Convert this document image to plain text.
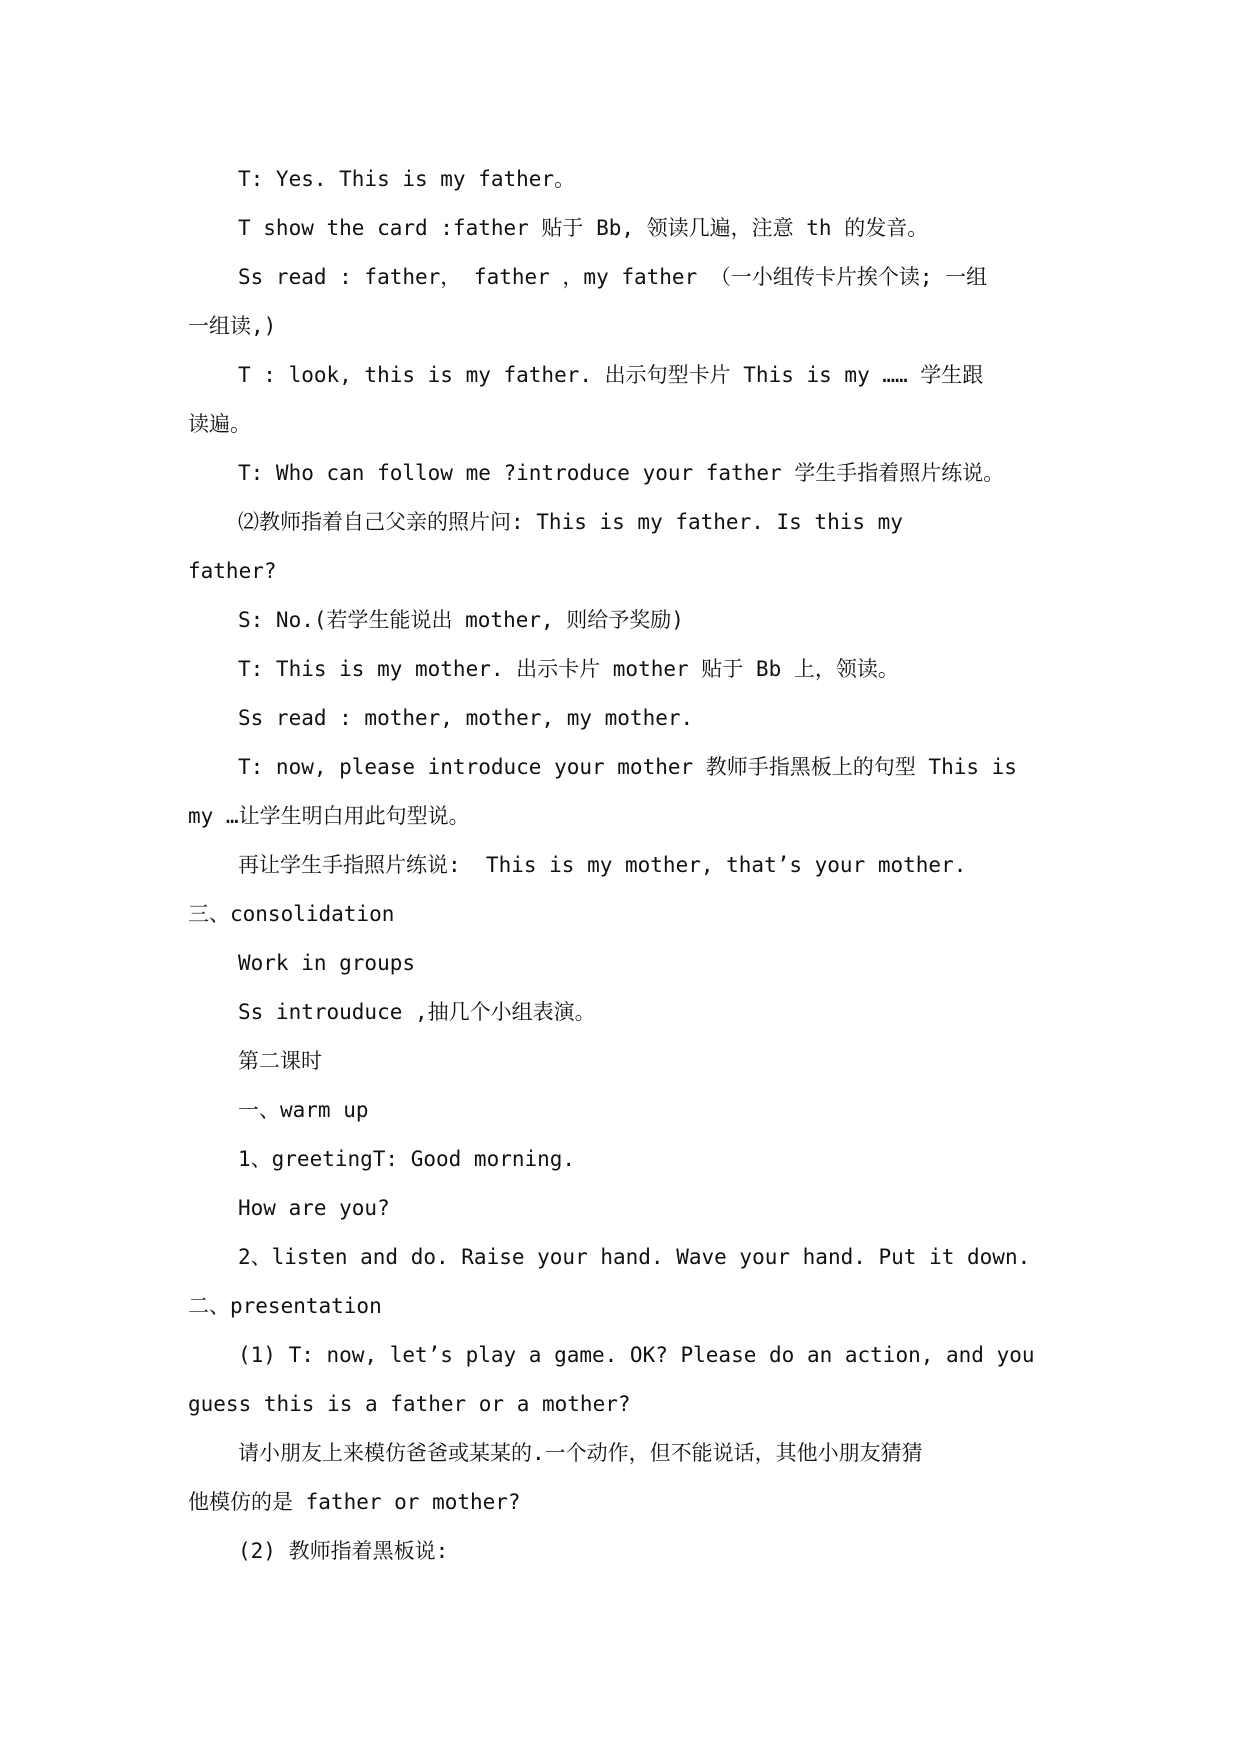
T: Yes. This is my father。
T show the card :father 贴于 Bb, 领读几遍，注意 th 的发音。
Ss read : father， father ，my father （一小组传卡片挨个读; 一组
一组读,)
T : look, this is my father. 出示句型卡片 This is my …… 学生跟
读遍。
T: Who can follow me ?introduce your father 学生手指着照片练说。
⑵教师指着自己父亲的照片问: This is my father. Is this my
father?
S: No.(若学生能说出 mother, 则给予奖励)
T: This is my mother. 出示卡片 mother 贴于 Bb 上，领读。
Ss read : mother, mother, my mother.
T: now, please introduce your mother 教师手指黑板上的句型 This is
my …让学生明白用此句型说。
再让学生手指照片练说:  This is my mother, that’s your mother.
三、consolidation
Work in groups
Ss introuduce ,抽几个小组表演。
第二课时
一、warm up
1、greetingT: Good morning.
How are you?
2、listen and do. Raise your hand. Wave your hand. Put it down.
二、presentation
(1) T: now, let’s play a game. OK? Please do an action, and you
guess this is a father or a mother?
请小朋友上来模仿爸爸或某某的.一个动作，但不能说话，其他小朋友猜猜
他模仿的是 father or mother?
(2) 教师指着黑板说:
